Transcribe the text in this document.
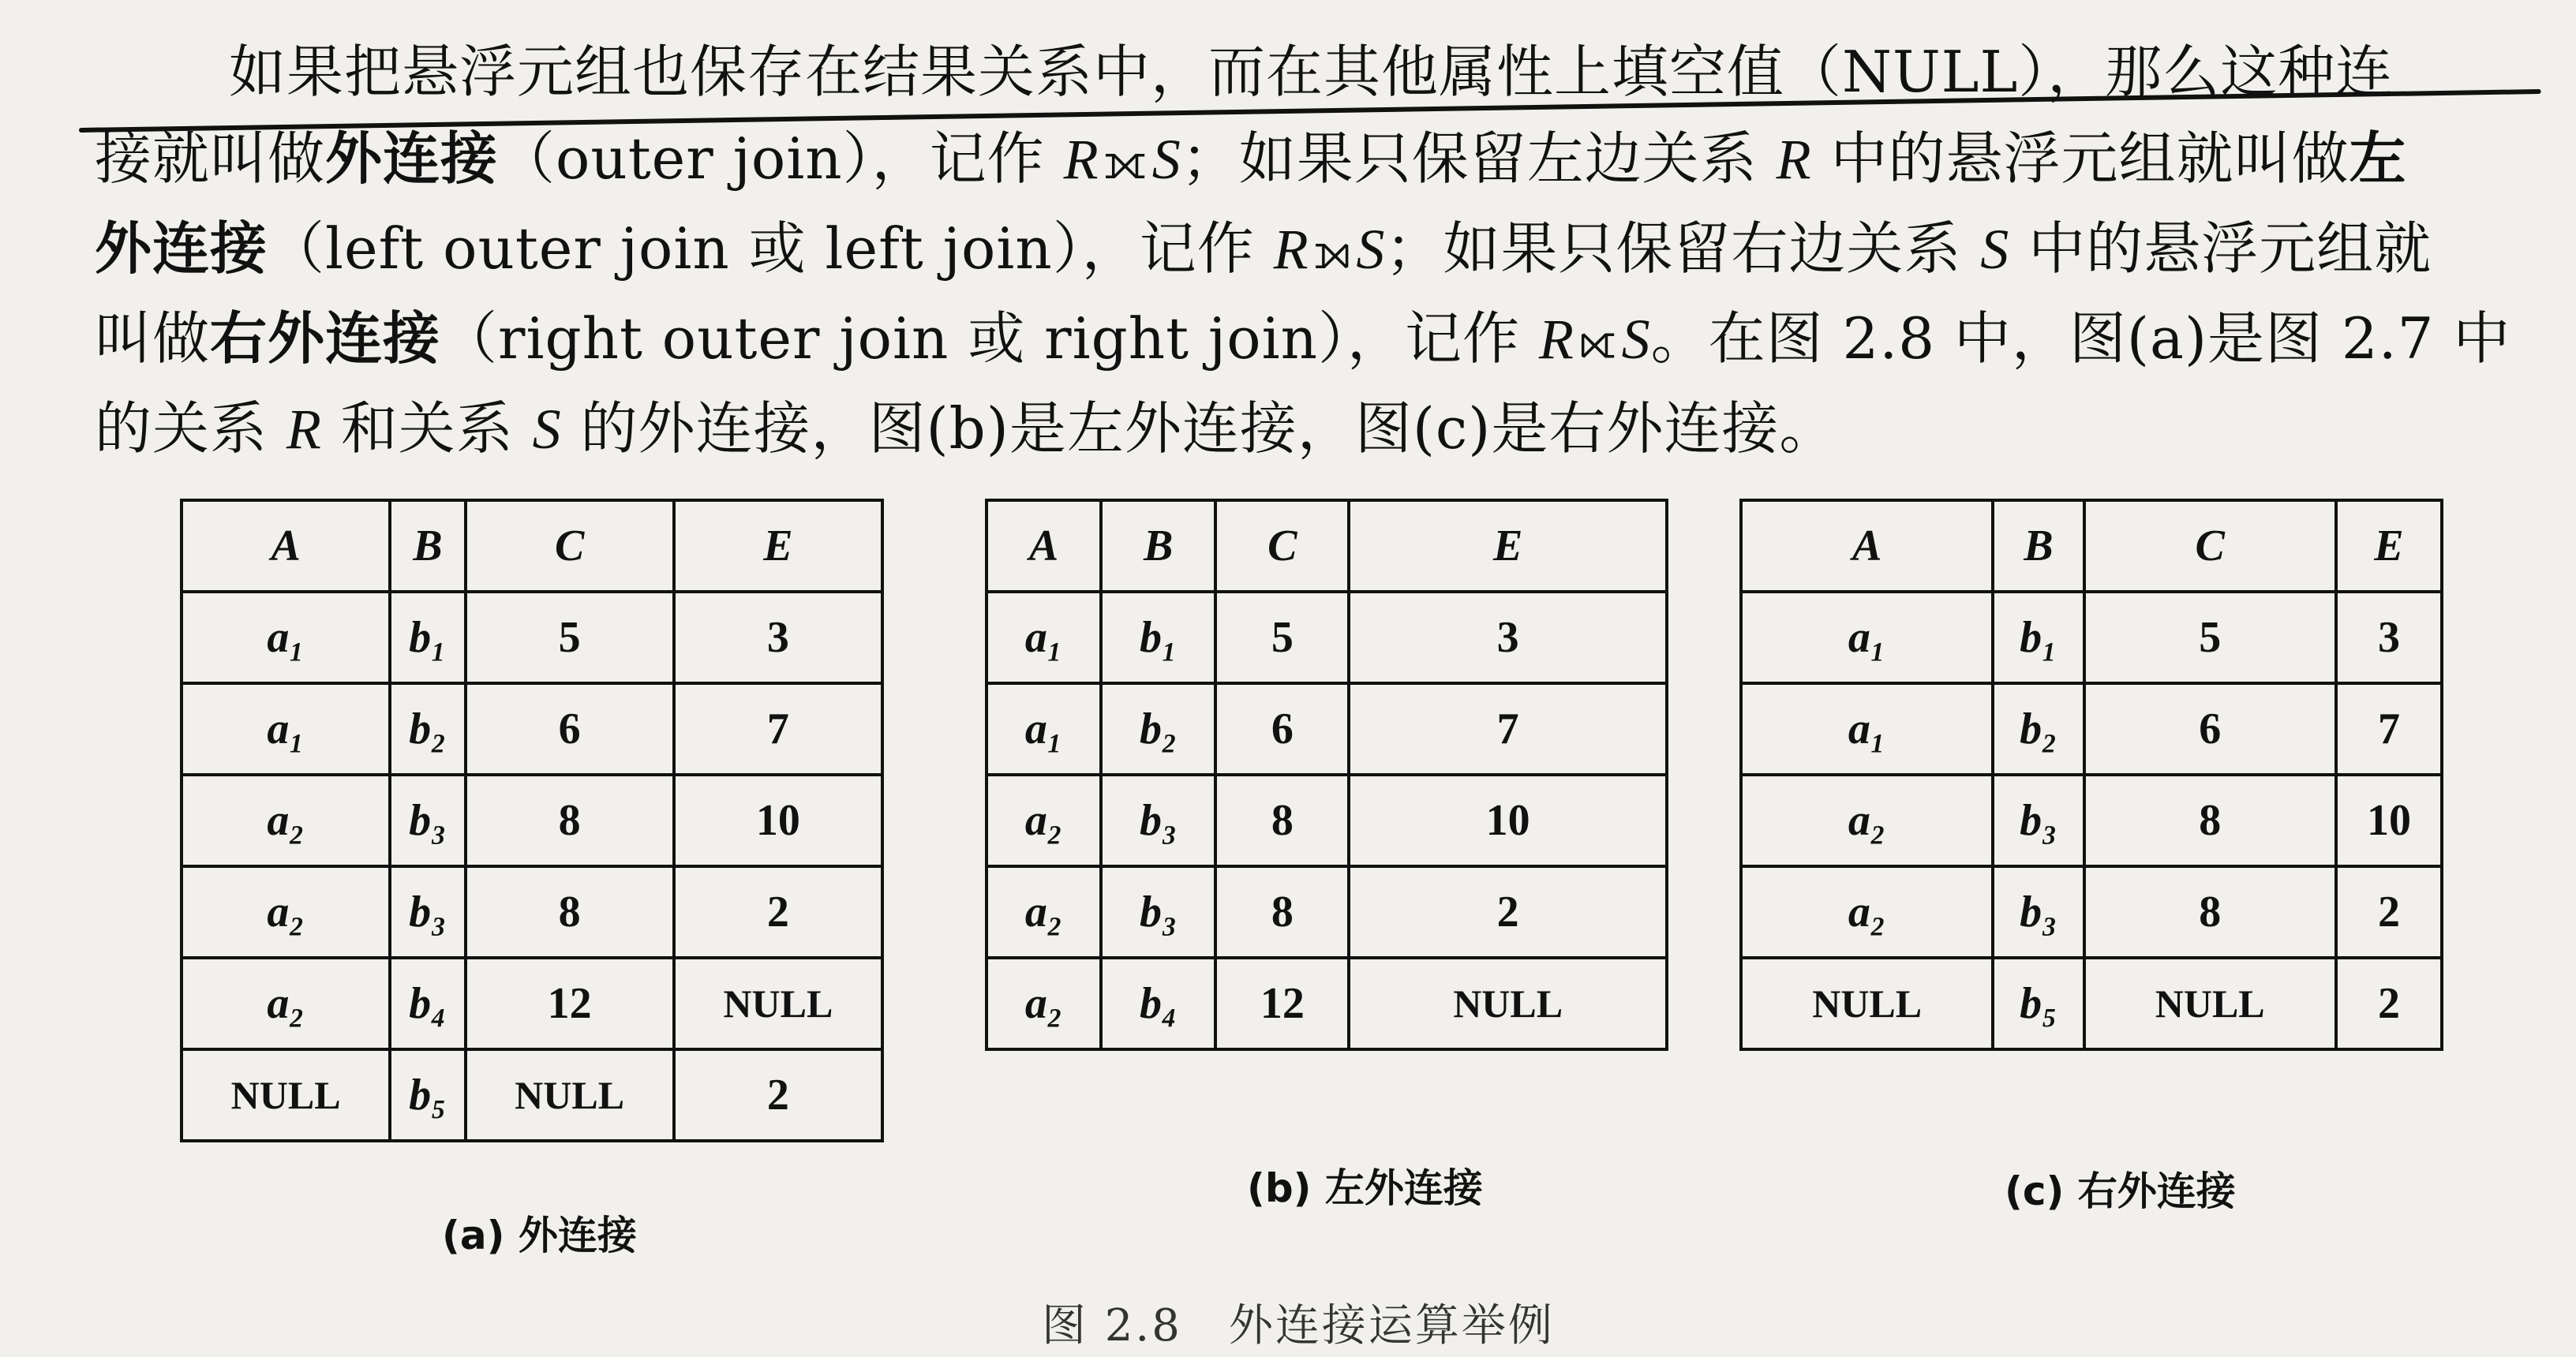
如果把悬浮元组也保存在结果关系中，而在其他属性上填空值（NULL），那么这种连
接就叫做外连接（outer join），记作 R⟗S；如果只保留左边关系 R 中的悬浮元组就叫做左
外连接（left outer join 或 left join），记作 R⟕S；如果只保留右边关系 S 中的悬浮元组就
叫做右外连接（right outer join 或 right join），记作 R⟖S。在图 2.8 中，图(a)是图 2.7 中
的关系 R 和关系 S 的外连接，图(b)是左外连接，图(c)是右外连接。
A	B	C	E
a₁	b₁	5	3
a₁	b₂	6	7
a₂	b₃	8	10
a₂	b₃	8	2
a₂	b₄	12	NULL
NULL	b₅	NULL	2
(a) 外连接
A	B	C	E
a₁	b₁	5	3
a₁	b₂	6	7
a₂	b₃	8	10
a₂	b₃	8	2
a₂	b₄	12	NULL
(b) 左外连接
A	B	C	E
a₁	b₁	5	3
a₁	b₂	6	7
a₂	b₃	8	10
a₂	b₃	8	2
NULL	b₅	NULL	2
(c) 右外连接
图 2.8　外连接运算举例
